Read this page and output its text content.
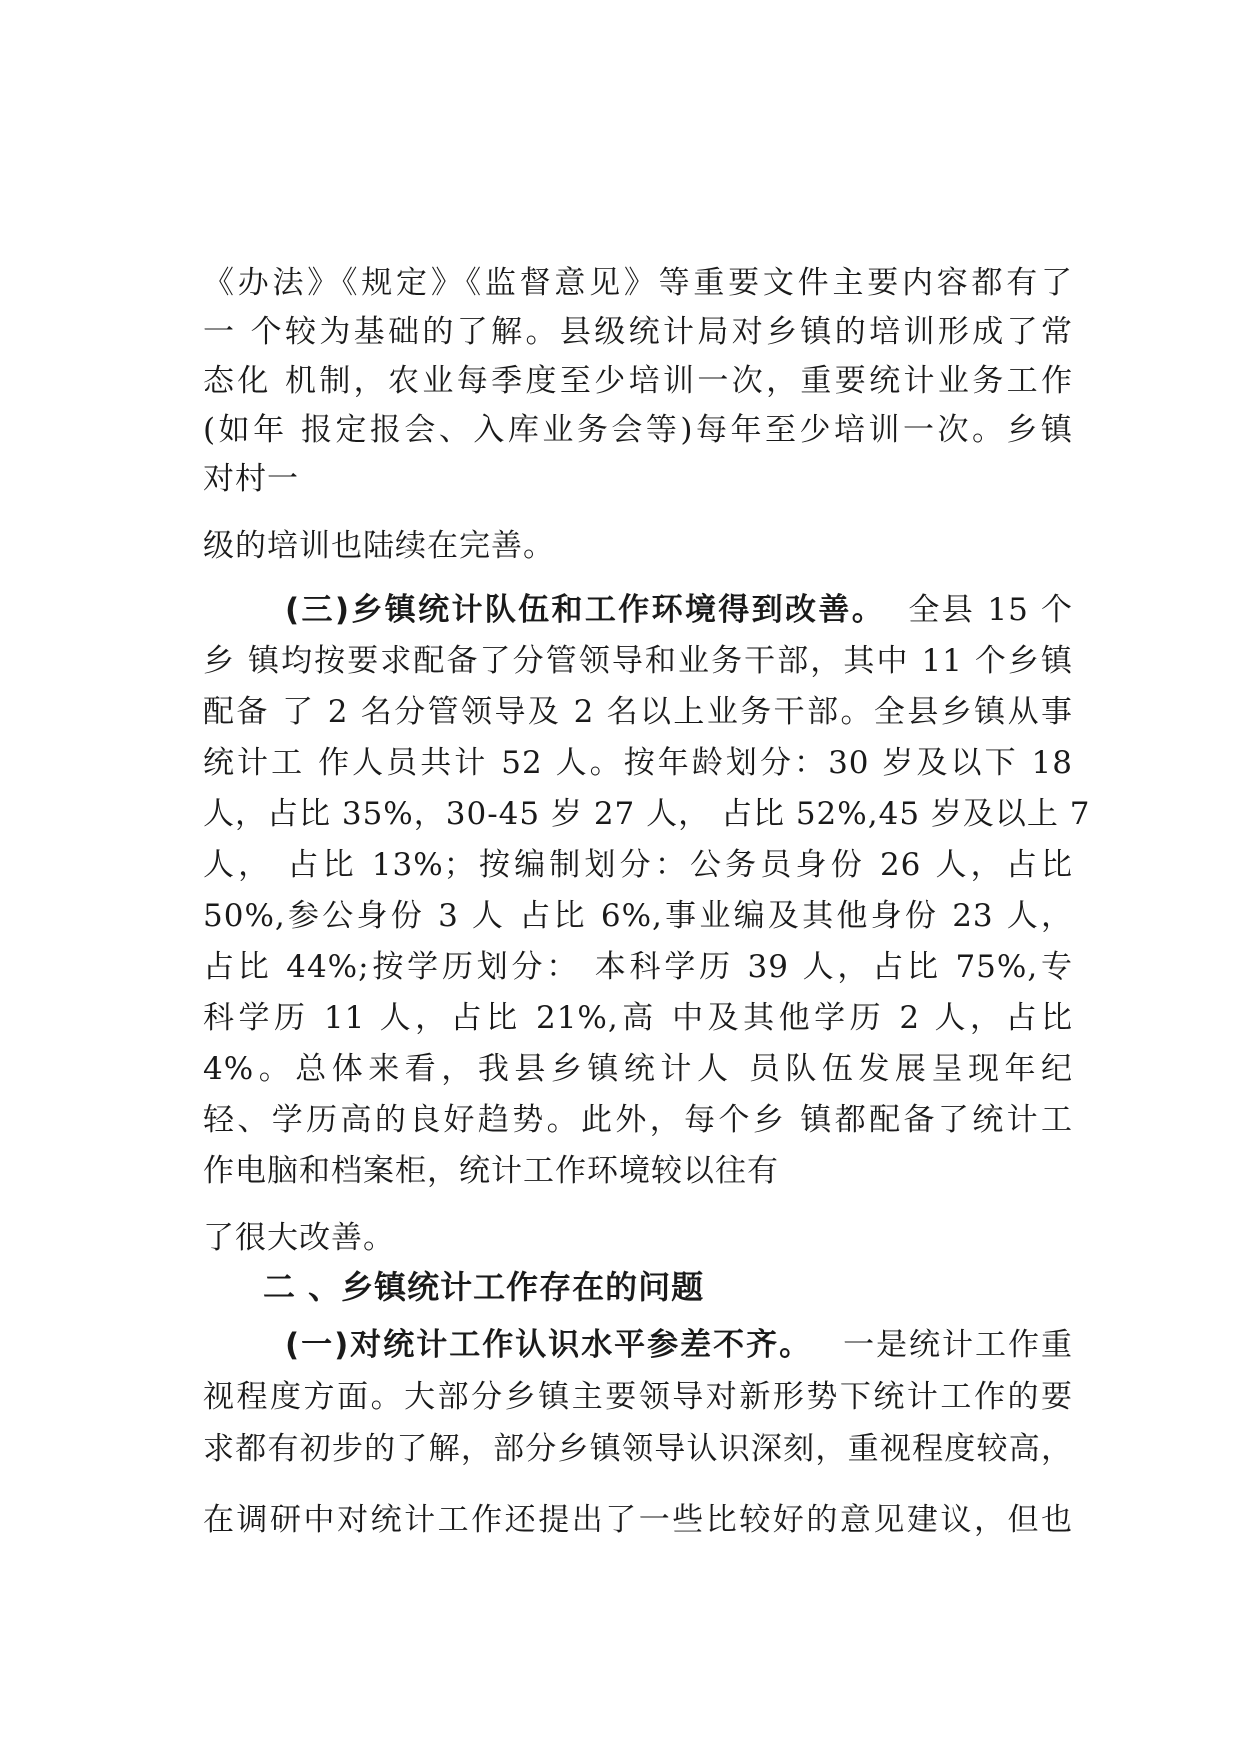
《办法》《规定》《监督意见》等重要文件主要内容都有了
一 个较为基础的了解。县级统计局对乡镇的培训形成了常
态化 机制，农业每季度至少培训一次，重要统计业务工作
(如年 报定报会、入库业务会等)每年至少培训一次。乡镇
对村一
级的培训也陆续在完善。
(三)乡镇统计队伍和工作环境得到改善。 全县 15 个
乡 镇均按要求配备了分管领导和业务干部，其中 11 个乡镇
配备 了 2 名分管领导及 2 名以上业务干部。全县乡镇从事
统计工 作人员共计 52 人。按年龄划分：30 岁及以下 18
人，占比 35%，30-45 岁 27 人， 占比 52%,45 岁及以上 7
人， 占比 13%；按编制划分：公务员身份 26 人，占比
50%,参公身份 3 人 占比 6%,事业编及其他身份 23 人，
占比 44%;按学历划分： 本科学历 39 人，占比 75%,专
科学历 11 人，占比 21%,高 中及其他学历 2 人，占比
4%。总体来看，我县乡镇统计人 员队伍发展呈现年纪
轻、学历高的良好趋势。此外，每个乡 镇都配备了统计工
作电脑和档案柜，统计工作环境较以往有
了很大改善。
二 、乡镇统计工作存在的问题
(一)对统计工作认识水平参差不齐。 一是统计工作重
视程度方面。大部分乡镇主要领导对新形势下统计工作的要
求都有初步的了解，部分乡镇领导认识深刻，重视程度较高，
在调研中对统计工作还提出了一些比较好的意见建议，但也
